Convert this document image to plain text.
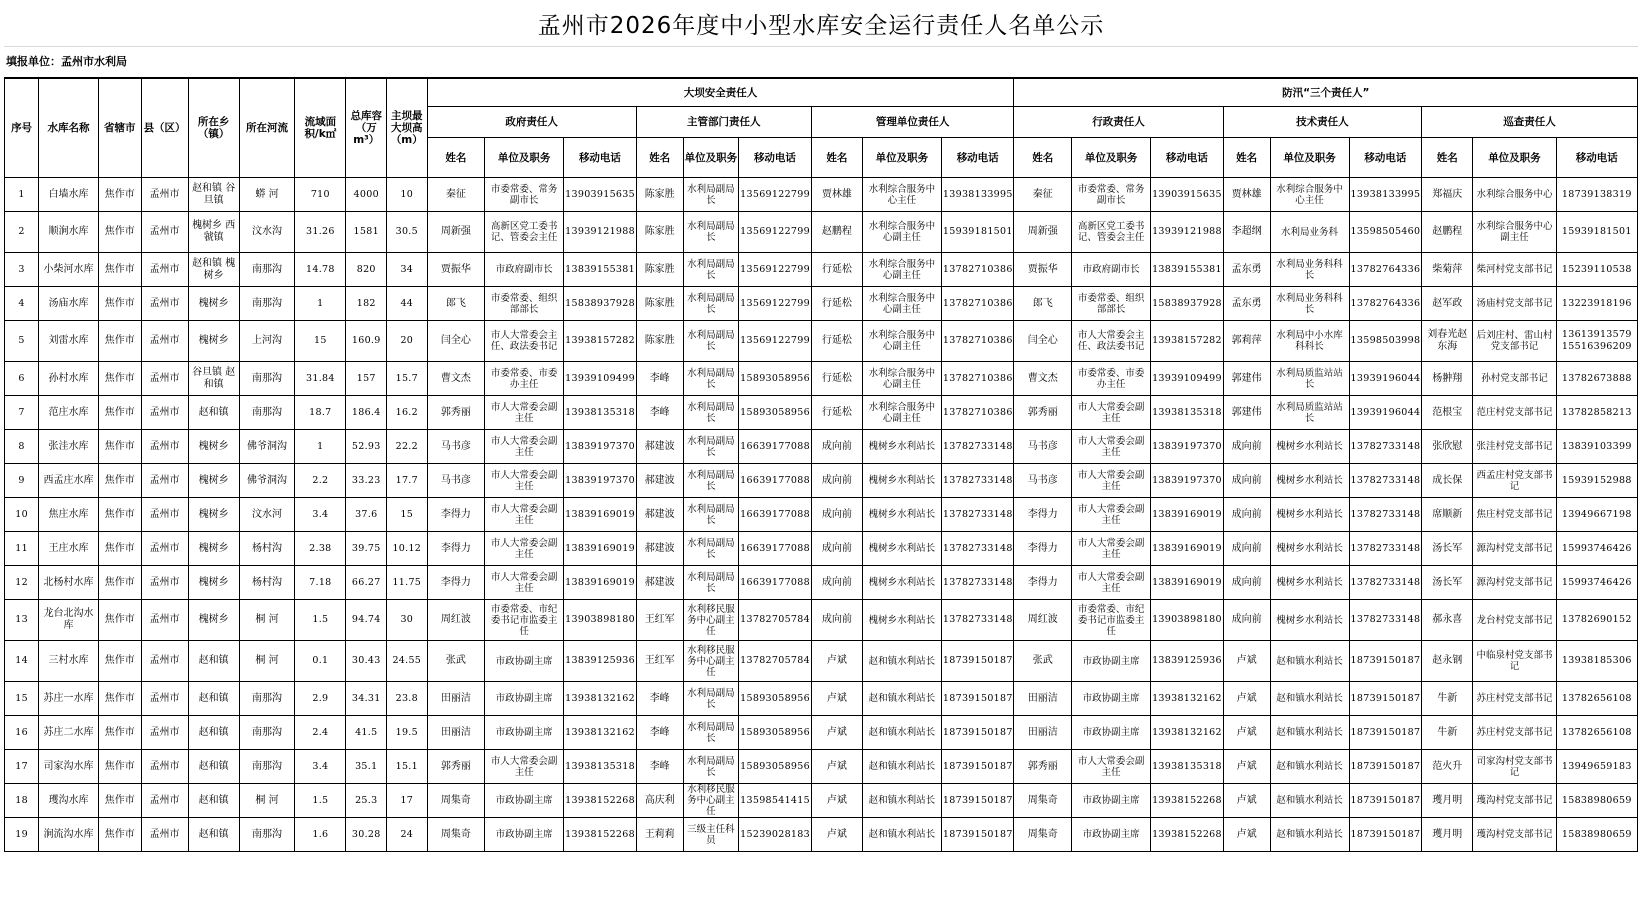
孟州市2026年度中小型水库安全运行责任人名单公示
填报单位：孟州市水利局
序号	水库名称	省辖市	县（区）	所在乡（镇）	所在河流	流域面积/k㎡	总库容（万m³）	主坝最大坝高（m）	大坝安全责任人									防汛“三个责任人”								
									政府责任人			主管部门责任人			管理单位责任人			行政责任人			技术责任人			巡查责任人		
									姓名	单位及职务	移动电话	姓名	单位及职务	移动电话	姓名	单位及职务	移动电话	姓名	单位及职务	移动电话	姓名	单位及职务	移动电话	姓名	单位及职务	移动电话
1	白墙水库	焦作市	孟州市	赵和镇 谷旦镇	蟒 河	710	4000	10	秦征	市委常委、常务副市长	13903915635	陈家胜	水利局副局长	13569122799	贾林雄	水利综合服务中心主任	13938133995	秦征	市委常委、常务副市长	13903915635	贾林雄	水利综合服务中心主任	13938133995	郑福庆	水利综合服务中心	18739138319
2	顺涧水库	焦作市	孟州市	槐树乡 西虢镇	汶水沟	31.26	1581	30.5	周新强	高新区党工委书记、管委会主任	13939121988	陈家胜	水利局副局长	13569122799	赵鹏程	水利综合服务中心副主任	15939181501	周新强	高新区党工委书记、管委会主任	13939121988	李超纲	水利局业务科	13598505460	赵鹏程	水利综合服务中心副主任	15939181501
3	小柴河水库	焦作市	孟州市	赵和镇 槐树乡	南那沟	14.78	820	34	贾振华	市政府副市长	13839155381	陈家胜	水利局副局长	13569122799	行延松	水利综合服务中心副主任	13782710386	贾振华	市政府副市长	13839155381	孟东勇	水利局业务科科长	13782764336	柴菊萍	柴河村党支部书记	15239110538
4	汤庙水库	焦作市	孟州市	槐树乡	南那沟	1	182	44	郎飞	市委常委、组织部部长	15838937928	陈家胜	水利局副局长	13569122799	行延松	水利综合服务中心副主任	13782710386	郎飞	市委常委、组织部部长	15838937928	孟东勇	水利局业务科科长	13782764336	赵军政	汤庙村党支部书记	13223918196
5	刘雷水库	焦作市	孟州市	槐树乡	上河沟	15	160.9	20	闫全心	市人大常委会主任、政法委书记	13938157282	陈家胜	水利局副局长	13569122799	行延松	水利综合服务中心副主任	13782710386	闫全心	市人大常委会主任、政法委书记	13938157282	郭莉萍	水利局中小水库科科长	13598503998	刘春光赵东海	后刘庄村、雷山村党支部书记	13613913579 15516396209
6	孙村水库	焦作市	孟州市	谷旦镇 赵和镇	南那沟	31.84	157	15.7	曹文杰	市委常委、市委办主任	13939109499	李峰	水利局副局长	15893058956	行延松	水利综合服务中心副主任	13782710386	曹文杰	市委常委、市委办主任	13939109499	郭建伟	水利局质监站站长	13939196044	杨翀翔	孙村党支部书记	13782673888
7	范庄水库	焦作市	孟州市	赵和镇	南那沟	18.7	186.4	16.2	郭秀丽	市人大常委会副主任	13938135318	李峰	水利局副局长	15893058956	行延松	水利综合服务中心副主任	13782710386	郭秀丽	市人大常委会副主任	13938135318	郭建伟	水利局质监站站长	13939196044	范根宝	范庄村党支部书记	13782858213
8	张洼水库	焦作市	孟州市	槐树乡	佛爷洞沟	1	52.93	22.2	马书彦	市人大常委会副主任	13839197370	郝建波	水利局副局长	16639177088	成向前	槐树乡水利站长	13782733148	马书彦	市人大常委会副主任	13839197370	成向前	槐树乡水利站长	13782733148	张欣慰	张洼村党支部书记	13839103399
9	西孟庄水库	焦作市	孟州市	槐树乡	佛爷洞沟	2.2	33.23	17.7	马书彦	市人大常委会副主任	13839197370	郝建波	水利局副局长	16639177088	成向前	槐树乡水利站长	13782733148	马书彦	市人大常委会副主任	13839197370	成向前	槐树乡水利站长	13782733148	成长保	西孟庄村党支部书记	15939152988
10	焦庄水库	焦作市	孟州市	槐树乡	汶水河	3.4	37.6	15	李得力	市人大常委会副主任	13839169019	郝建波	水利局副局长	16639177088	成向前	槐树乡水利站长	13782733148	李得力	市人大常委会副主任	13839169019	成向前	槐树乡水利站长	13782733148	席顺新	焦庄村党支部书记	13949667198
11	王庄水库	焦作市	孟州市	槐树乡	杨村沟	2.38	39.75	10.12	李得力	市人大常委会副主任	13839169019	郝建波	水利局副局长	16639177088	成向前	槐树乡水利站长	13782733148	李得力	市人大常委会副主任	13839169019	成向前	槐树乡水利站长	13782733148	汤长军	源沟村党支部书记	15993746426
12	北杨村水库	焦作市	孟州市	槐树乡	杨村沟	7.18	66.27	11.75	李得力	市人大常委会副主任	13839169019	郝建波	水利局副局长	16639177088	成向前	槐树乡水利站长	13782733148	李得力	市人大常委会副主任	13839169019	成向前	槐树乡水利站长	13782733148	汤长军	源沟村党支部书记	15993746426
13	龙台北沟水库	焦作市	孟州市	槐树乡	桐 河	1.5	94.74	30	周红波	市委常委、市纪委书记市监委主任	13903898180	王红军	水利移民服务中心副主任	13782705784	成向前	槐树乡水利站长	13782733148	周红波	市委常委、市纪委书记市监委主任	13903898180	成向前	槐树乡水利站长	13782733148	郝永喜	龙台村党支部书记	13782690152
14	三村水库	焦作市	孟州市	赵和镇	桐 河	0.1	30.43	24.55	张武	市政协副主席	13839125936	王红军	水利移民服务中心副主任	13782705784	卢斌	赵和镇水利站长	18739150187	张武	市政协副主席	13839125936	卢斌	赵和镇水利站长	18739150187	赵永钢	中临泉村党支部书记	13938185306
15	苏庄一水库	焦作市	孟州市	赵和镇	南那沟	2.9	34.31	23.8	田丽洁	市政协副主席	13938132162	李峰	水利局副局长	15893058956	卢斌	赵和镇水利站长	18739150187	田丽洁	市政协副主席	13938132162	卢斌	赵和镇水利站长	18739150187	牛新	苏庄村党支部书记	13782656108
16	苏庄二水库	焦作市	孟州市	赵和镇	南那沟	2.4	41.5	19.5	田丽洁	市政协副主席	13938132162	李峰	水利局副局长	15893058956	卢斌	赵和镇水利站长	18739150187	田丽洁	市政协副主席	13938132162	卢斌	赵和镇水利站长	18739150187	牛新	苏庄村党支部书记	13782656108
17	司家沟水库	焦作市	孟州市	赵和镇	南那沟	3.4	35.1	15.1	郭秀丽	市人大常委会副主任	13938135318	李峰	水利局副局长	15893058956	卢斌	赵和镇水利站长	18739150187	郭秀丽	市人大常委会副主任	13938135318	卢斌	赵和镇水利站长	18739150187	范火升	司家沟村党支部书记	13949659183
18	瓁沟水库	焦作市	孟州市	赵和镇	桐 河	1.5	25.3	17	周集奇	市政协副主席	13938152268	高庆利	水利移民服务中心副主任	13598541415	卢斌	赵和镇水利站长	18739150187	周集奇	市政协副主席	13938152268	卢斌	赵和镇水利站长	18739150187	瓁月明	瓁沟村党支部书记	15838980659
19	涧流沟水库	焦作市	孟州市	赵和镇	南那沟	1.6	30.28	24	周集奇	市政协副主席	13938152268	王莉莉	三级主任科员	15239028183	卢斌	赵和镇水利站长	18739150187	周集奇	市政协副主席	13938152268	卢斌	赵和镇水利站长	18739150187	瓁月明	瓁沟村党支部书记	15838980659
